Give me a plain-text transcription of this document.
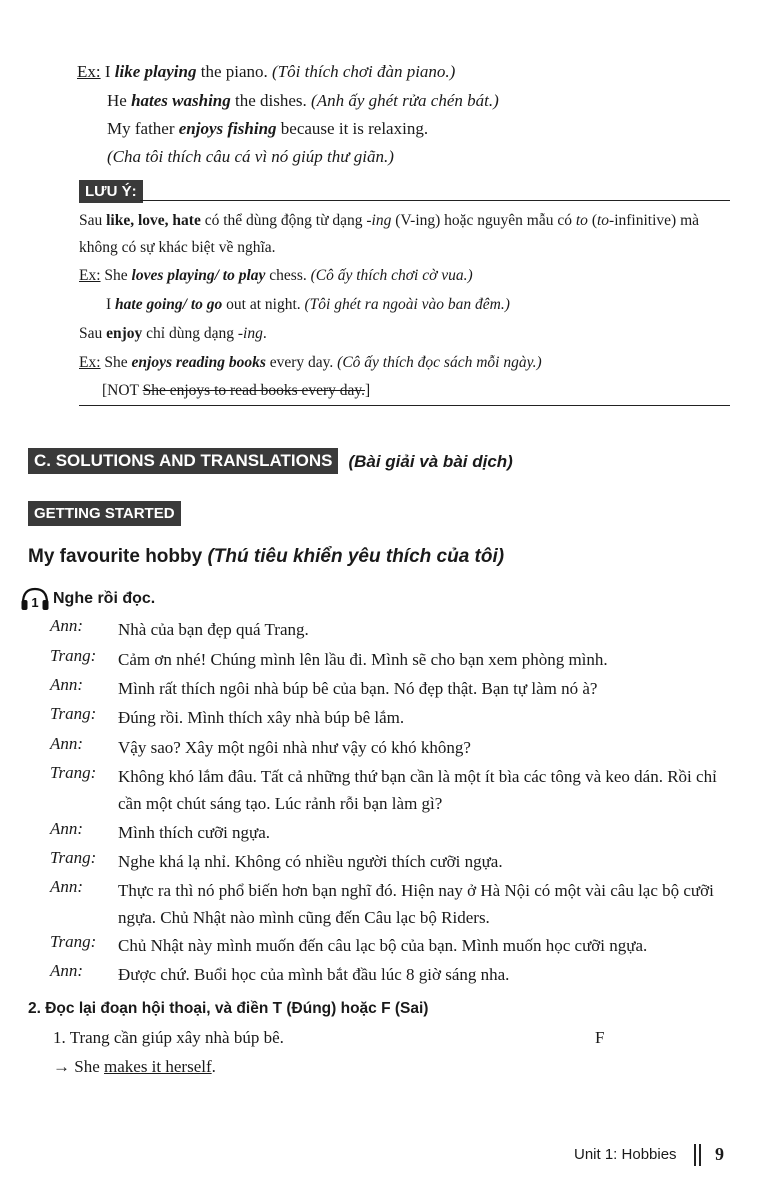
Ex: I like playing the piano. (Tôi thích chơi đàn piano.)
He hates washing the dishes. (Anh ấy ghét rửa chén bát.)
My father enjoys fishing because it is relaxing.
(Cha tôi thích câu cá vì nó giúp thư giãn.)
LƯU Ý:
Sau like, love, hate có thể dùng động từ dạng -ing (V-ing) hoặc nguyên mẫu có to (to-infinitive) mà
không có sự khác biệt về nghĩa.
Ex: She loves playing/ to play chess. (Cô ấy thích chơi cờ vua.)
I hate going/ to go out at night. (Tôi ghét ra ngoài vào ban đêm.)
Sau enjoy chỉ dùng dạng -ing.
Ex: She enjoys reading books every day. (Cô ấy thích đọc sách mỗi ngày.)
[NOT She enjoys to read books every day.]
C. SOLUTIONS AND TRANSLATIONS (Bài giải và bài dịch)
GETTING STARTED
My favourite hobby (Thú tiêu khiển yêu thích của tôi)
1 Nghe rồi đọc.
Ann: Nhà của bạn đẹp quá Trang.
Trang: Cảm ơn nhé! Chúng mình lên lầu đi. Mình sẽ cho bạn xem phòng mình.
Ann: Mình rất thích ngôi nhà búp bê của bạn. Nó đẹp thật. Bạn tự làm nó à?
Trang: Đúng rồi. Mình thích xây nhà búp bê lắm.
Ann: Vậy sao? Xây một ngôi nhà như vậy có khó không?
Trang: Không khó lắm đâu. Tất cả những thứ bạn cần là một ít bìa các tông và keo dán. Rồi chỉ cần một chút sáng tạo. Lúc rảnh rỗi bạn làm gì?
Ann: Mình thích cưỡi ngựa.
Trang: Nghe khá lạ nhỉ. Không có nhiều người thích cưỡi ngựa.
Ann: Thực ra thì nó phổ biến hơn bạn nghĩ đó. Hiện nay ở Hà Nội có một vài câu lạc bộ cưỡi ngựa. Chủ Nhật nào mình cũng đến Câu lạc bộ Riders.
Trang: Chủ Nhật này mình muốn đến câu lạc bộ của bạn. Mình muốn học cưỡi ngựa.
Ann: Được chứ. Buổi học của mình bắt đầu lúc 8 giờ sáng nha.
2. Đọc lại đoạn hội thoại, và điền T (Đúng) hoặc F (Sai)
1. Trang cần giúp xây nhà búp bê.	F
→ She makes it herself.
Unit 1: Hobbies 9
